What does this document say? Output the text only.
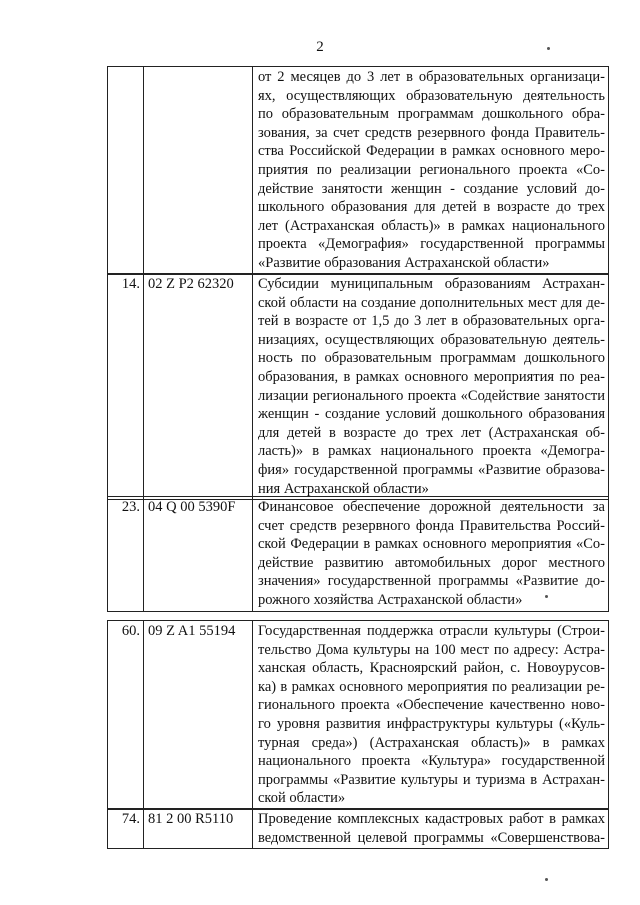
2

от 2 месяцев до 3 лет в образовательных организаци-
ях, осуществляющих образовательную деятельность
по образовательным программам дошкольного обра-
зования, за счет средств резервного фонда Правитель-
ства Российской Федерации в рамках основного меро-
приятия по реализации регионального проекта «Со-
действие занятости женщин - создание условий до-
школьного образования для детей в возрасте до трех
лет (Астраханская область)» в рамках национального
проекта «Демография» государственной программы
«Развитие образования Астраханской области»
14.	02 Z P2 62320	Субсидии муниципальным образованиям Астрахан-
ской области на создание дополнительных мест для де-
тей в возрасте от 1,5 до 3 лет в образовательных орга-
низациях, осуществляющих образовательную деятель-
ность по образовательным программам дошкольного
образования, в рамках основного мероприятия по реа-
лизации регионального проекта «Содействие занятости
женщин - создание условий дошкольного образования
для детей в возрасте до трех лет (Астраханская об-
ласть)» в рамках национального проекта «Демогра-
фия» государственной программы «Развитие образова-
ния Астраханской области»
23.	04 Q 00 5390F	Финансовое обеспечение дорожной деятельности за
счет средств резервного фонда Правительства Россий-
ской Федерации в рамках основного мероприятия «Со-
действие развитию автомобильных дорог местного
значения» государственной программы «Развитие до-
рожного хозяйства Астраханской области»
60.	09 Z A1 55194	Государственная поддержка отрасли культуры (Строи-
тельство Дома культуры на 100 мест по адресу: Астра-
ханская область, Красноярский район, с. Новоурусов-
ка) в рамках основного мероприятия по реализации ре-
гионального проекта «Обеспечение качественно ново-
го уровня развития инфраструктуры культуры («Куль-
турная среда») (Астраханская область)» в рамках
национального проекта «Культура» государственной
программы «Развитие культуры и туризма в Астрахан-
ской области»
74.	81 2 00 R5110	Проведение комплексных кадастровых работ в рамках
ведомственной целевой программы «Совершенствова-
